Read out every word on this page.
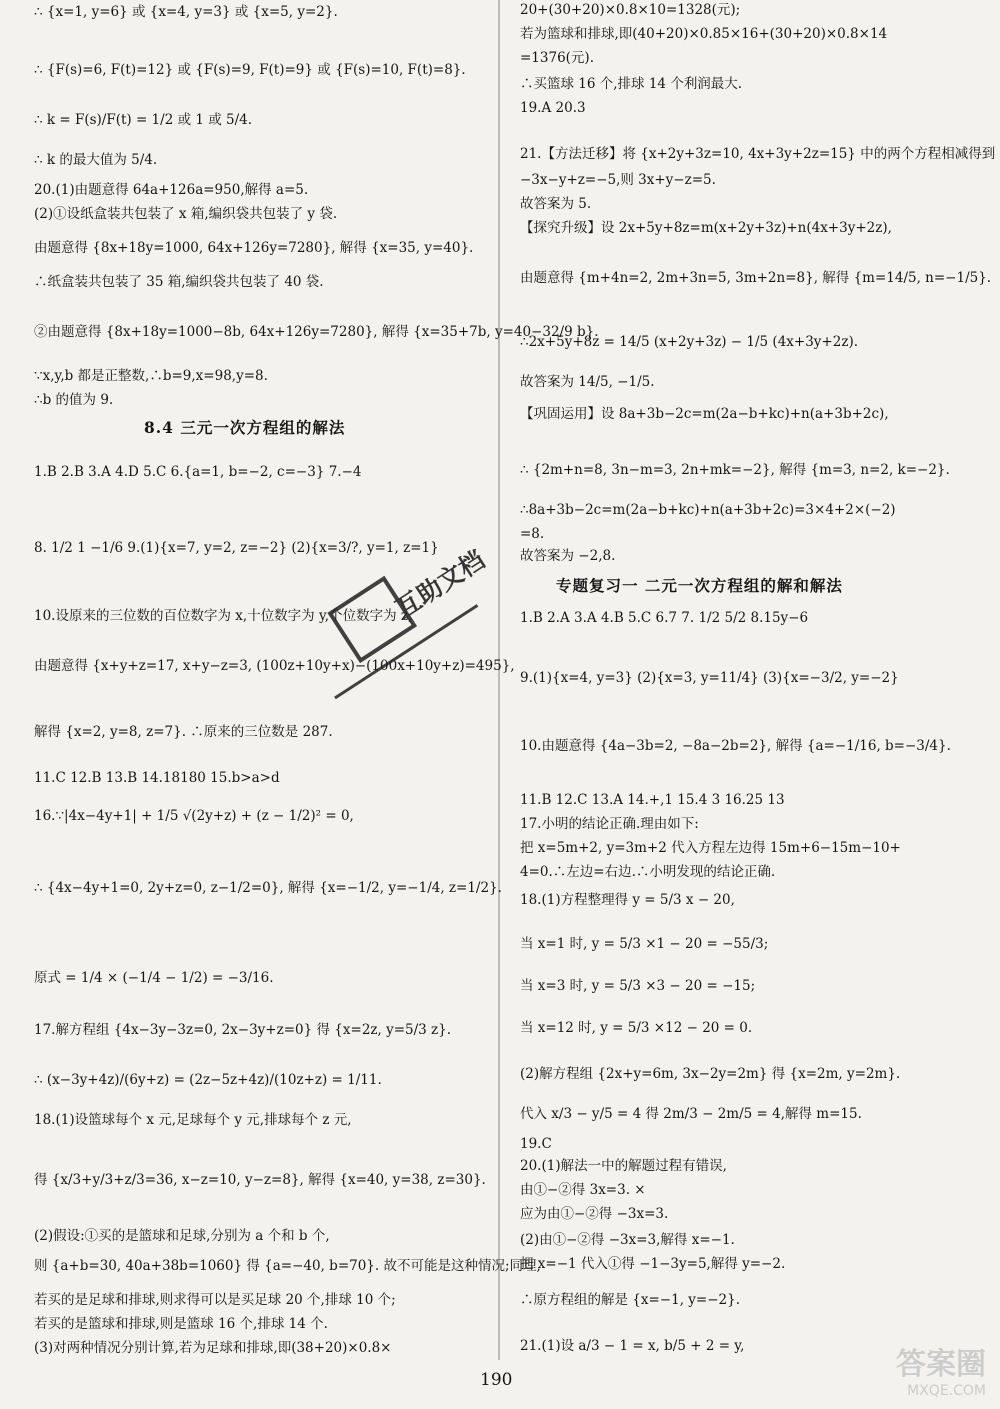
∴ {x=1, y=6} 或 {x=4, y=3} 或 {x=5, y=2}.
∴ {F(s)=6, F(t)=12} 或 {F(s)=9, F(t)=9} 或 {F(s)=10, F(t)=8}.
∴ k = F(s)/F(t) = 1/2 或 1 或 5/4.
∴ k 的最大值为 5/4.
20.(1)由题意得 64a+126a=950,解得 a=5.
(2)①设纸盒装共包装了 x 箱,编织袋共包装了 y 袋.
由题意得 {8x+18y=1000, 64x+126y=7280}, 解得 {x=35, y=40}.
∴纸盒装共包装了 35 箱,编织袋共包装了 40 袋.
②由题意得 {8x+18y=1000−8b, 64x+126y=7280}, 解得 {x=35+7b, y=40−32/9 b}.
∵x,y,b 都是正整数,∴b=9,x=98,y=8.
∴b 的值为 9.
8.4 三元一次方程组的解法
1.B 2.B 3.A 4.D 5.C 6.{a=1, b=−2, c=−3} 7.−4
8. 1/2 1 −1/6 9.(1){x=7, y=2, z=−2} (2){x=3/?, y=1, z=1}
10.设原来的三位数的百位数字为 x,十位数字为 y,个位数字为 z,
由题意得 {x+y+z=17, x+y−z=3, (100z+10y+x)−(100x+10y+z)=495},
解得 {x=2, y=8, z=7}. ∴原来的三位数是 287.
11.C 12.B 13.B 14.18180 15.b>a>d
16.∵|4x−4y+1| + 1/5 √(2y+z) + (z − 1/2)² = 0,
∴ {4x−4y+1=0, 2y+z=0, z−1/2=0}, 解得 {x=−1/2, y=−1/4, z=1/2}.
原式 = 1/4 × (−1/4 − 1/2) = −3/16.
17.解方程组 {4x−3y−3z=0, 2x−3y+z=0} 得 {x=2z, y=5/3 z}.
∴ (x−3y+4z)/(6y+z) = (2z−5z+4z)/(10z+z) = 1/11.
18.(1)设篮球每个 x 元,足球每个 y 元,排球每个 z 元,
得 {x/3+y/3+z/3=36, x−z=10, y−z=8}, 解得 {x=40, y=38, z=30}.
(2)假设:①买的是篮球和足球,分别为 a 个和 b 个,
则 {a+b=30, 40a+38b=1060} 得 {a=−40, b=70}. 故不可能是这种情况;同理,
若买的是足球和排球,则求得可以是买足球 20 个,排球 10 个;
若买的是篮球和排球,则是篮球 16 个,排球 14 个.
(3)对两种情况分别计算,若为足球和排球,即(38+20)×0.8×
20+(30+20)×0.8×10=1328(元);
若为篮球和排球,即(40+20)×0.85×16+(30+20)×0.8×14
=1376(元).
∴买篮球 16 个,排球 14 个利润最大.
19.A 20.3
21.【方法迁移】将 {x+2y+3z=10, 4x+3y+2z=15} 中的两个方程相减得到
−3x−y+z=−5,则 3x+y−z=5.
故答案为 5.
【探究升级】设 2x+5y+8z=m(x+2y+3z)+n(4x+3y+2z),
由题意得 {m+4n=2, 2m+3n=5, 3m+2n=8}, 解得 {m=14/5, n=−1/5}.
∴2x+5y+8z = 14/5 (x+2y+3z) − 1/5 (4x+3y+2z).
故答案为 14/5, −1/5.
【巩固运用】设 8a+3b−2c=m(2a−b+kc)+n(a+3b+2c),
∴ {2m+n=8, 3n−m=3, 2n+mk=−2}, 解得 {m=3, n=2, k=−2}.
∴8a+3b−2c=m(2a−b+kc)+n(a+3b+2c)=3×4+2×(−2)
=8.
故答案为 −2,8.
专题复习一 二元一次方程组的解和解法
1.B 2.A 3.A 4.B 5.C 6.7 7. 1/2 5/2 8.15y−6
9.(1){x=4, y=3} (2){x=3, y=11/4} (3){x=−3/2, y=−2}
10.由题意得 {4a−3b=2, −8a−2b=2}, 解得 {a=−1/16, b=−3/4}.
11.B 12.C 13.A 14.+,1 15.4 3 16.25 13
17.小明的结论正确.理由如下:
把 x=5m+2, y=3m+2 代入方程左边得 15m+6−15m−10+
4=0.∴左边=右边.∴小明发现的结论正确.
18.(1)方程整理得 y = 5/3 x − 20,
当 x=1 时, y = 5/3 ×1 − 20 = −55/3;
当 x=3 时, y = 5/3 ×3 − 20 = −15;
当 x=12 时, y = 5/3 ×12 − 20 = 0.
(2)解方程组 {2x+y=6m, 3x−2y=2m} 得 {x=2m, y=2m}.
代入 x/3 − y/5 = 4 得 2m/3 − 2m/5 = 4,解得 m=15.
19.C
20.(1)解法一中的解题过程有错误,
由①−②得 3x=3. ×
应为由①−②得 −3x=3.
(2)由①−②得 −3x=3,解得 x=−1.
把 x=−1 代入①得 −1−3y=5,解得 y=−2.
∴原方程组的解是 {x=−1, y=−2}.
21.(1)设 a/3 − 1 = x, b/5 + 2 = y,
互助文档
190	答案圈
MXQE.COM
